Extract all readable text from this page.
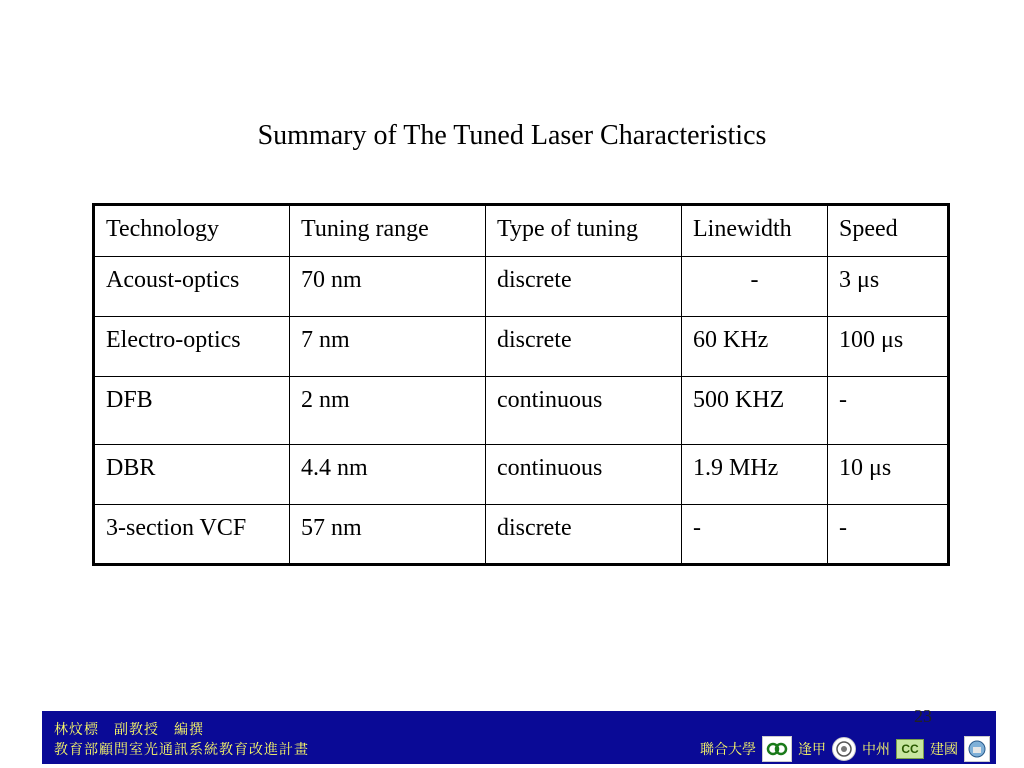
Summary of The Tuned Laser Characteristics
Technology	Tuning range	Type of tuning	Linewidth	Speed
Acoust-optics	70 nm	discrete	-	3 μs
Electro-optics	7 nm	discrete	60 KHz	100 μs
DFB	2 nm	continuous	500 KHZ	-
DBR	4.4 nm	continuous	1.9 MHz	10 μs
3-section VCF	57 nm	discrete	-	-
林炆標　副教授　編撰
教育部顧問室光通訊系統教育改進計畫	聯合大學	逢甲	中州 CC 建國
23
